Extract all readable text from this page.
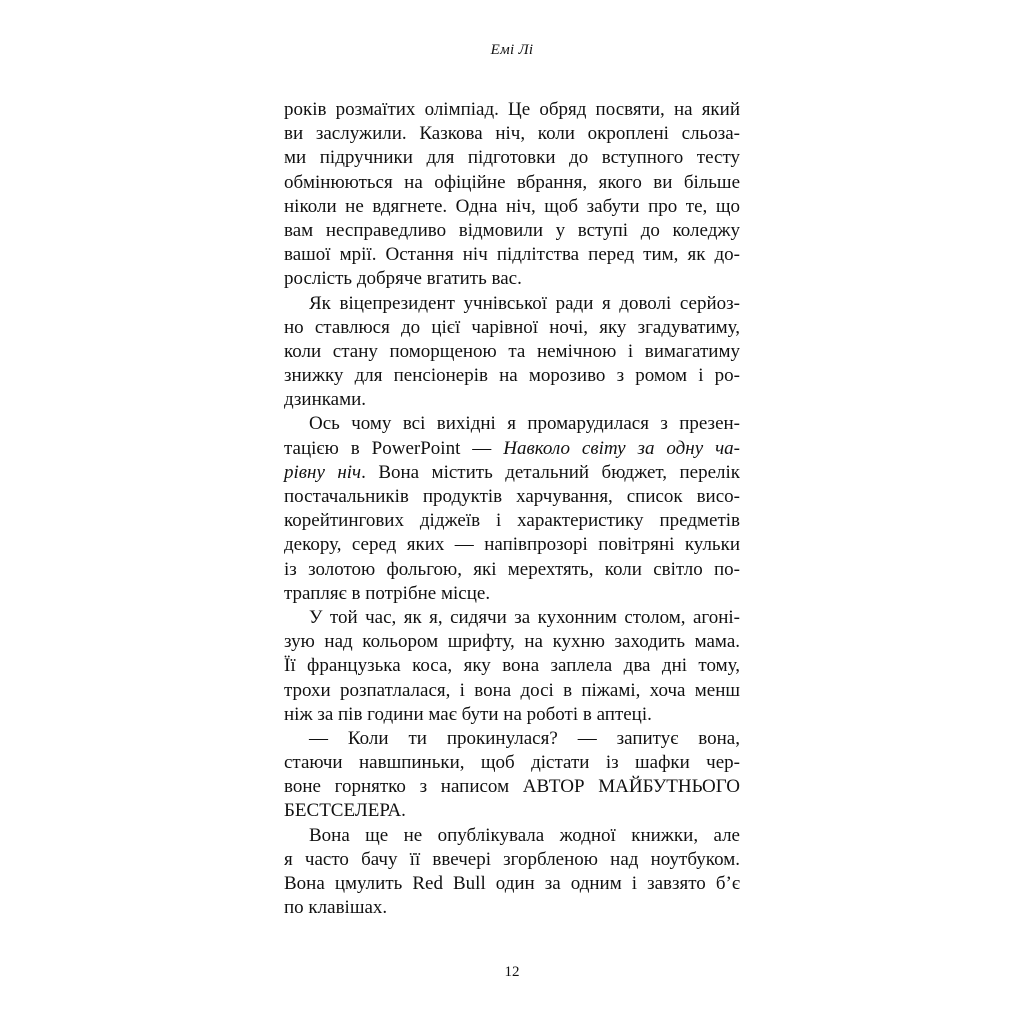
Емі Лі
років розмаїтих олімпіад. Це обряд посвяти, на який
ви заслужили. Казкова ніч, коли окроплені сльоза-
ми підручники для підготовки до вступного тесту
обмінюються на офіційне вбрання, якого ви більше
ніколи не вдягнете. Одна ніч, щоб забути про те, що
вам несправедливо відмовили у вступі до коледжу
вашої мрії. Остання ніч підлітства перед тим, як до-
рослість добряче вгатить вас.
Як віцепрезидент учнівської ради я доволі серйоз-
но ставлюся до цієї чарівної ночі, яку згадуватиму,
коли стану поморщеною та немічною і вимагатиму
знижку для пенсіонерів на морозиво з ромом і ро-
дзинками.
Ось чому всі вихідні я промарудилася з презен-
тацією в PowerPoint — Навколо світу за одну ча-
рівну ніч. Вона містить детальний бюджет, перелік
постачальників продуктів харчування, список висо-
корейтингових діджеїв і характеристику предметів
декору, серед яких — напівпрозорі повітряні кульки
із золотою фольгою, які мерехтять, коли світло по-
трапляє в потрібне місце.
У той час, як я, сидячи за кухонним столом, агоні-
зую над кольором шрифту, на кухню заходить мама.
Її французька коса, яку вона заплела два дні тому,
трохи розпатлалася, і вона досі в піжамі, хоча менш
ніж за пів години має бути на роботі в аптеці.
— Коли ти прокинулася? — запитує вона,
стаючи навшпиньки, щоб дістати із шафки чер-
воне горнятко з написом АВТОР МАЙБУТНЬОГО
БЕСТСЕЛЕРА.
Вона ще не опублікувала жодної книжки, але
я часто бачу її ввечері згорбленою над ноутбуком.
Вона цмулить Red Bull один за одним і завзято б’є
по клавішах.
12
